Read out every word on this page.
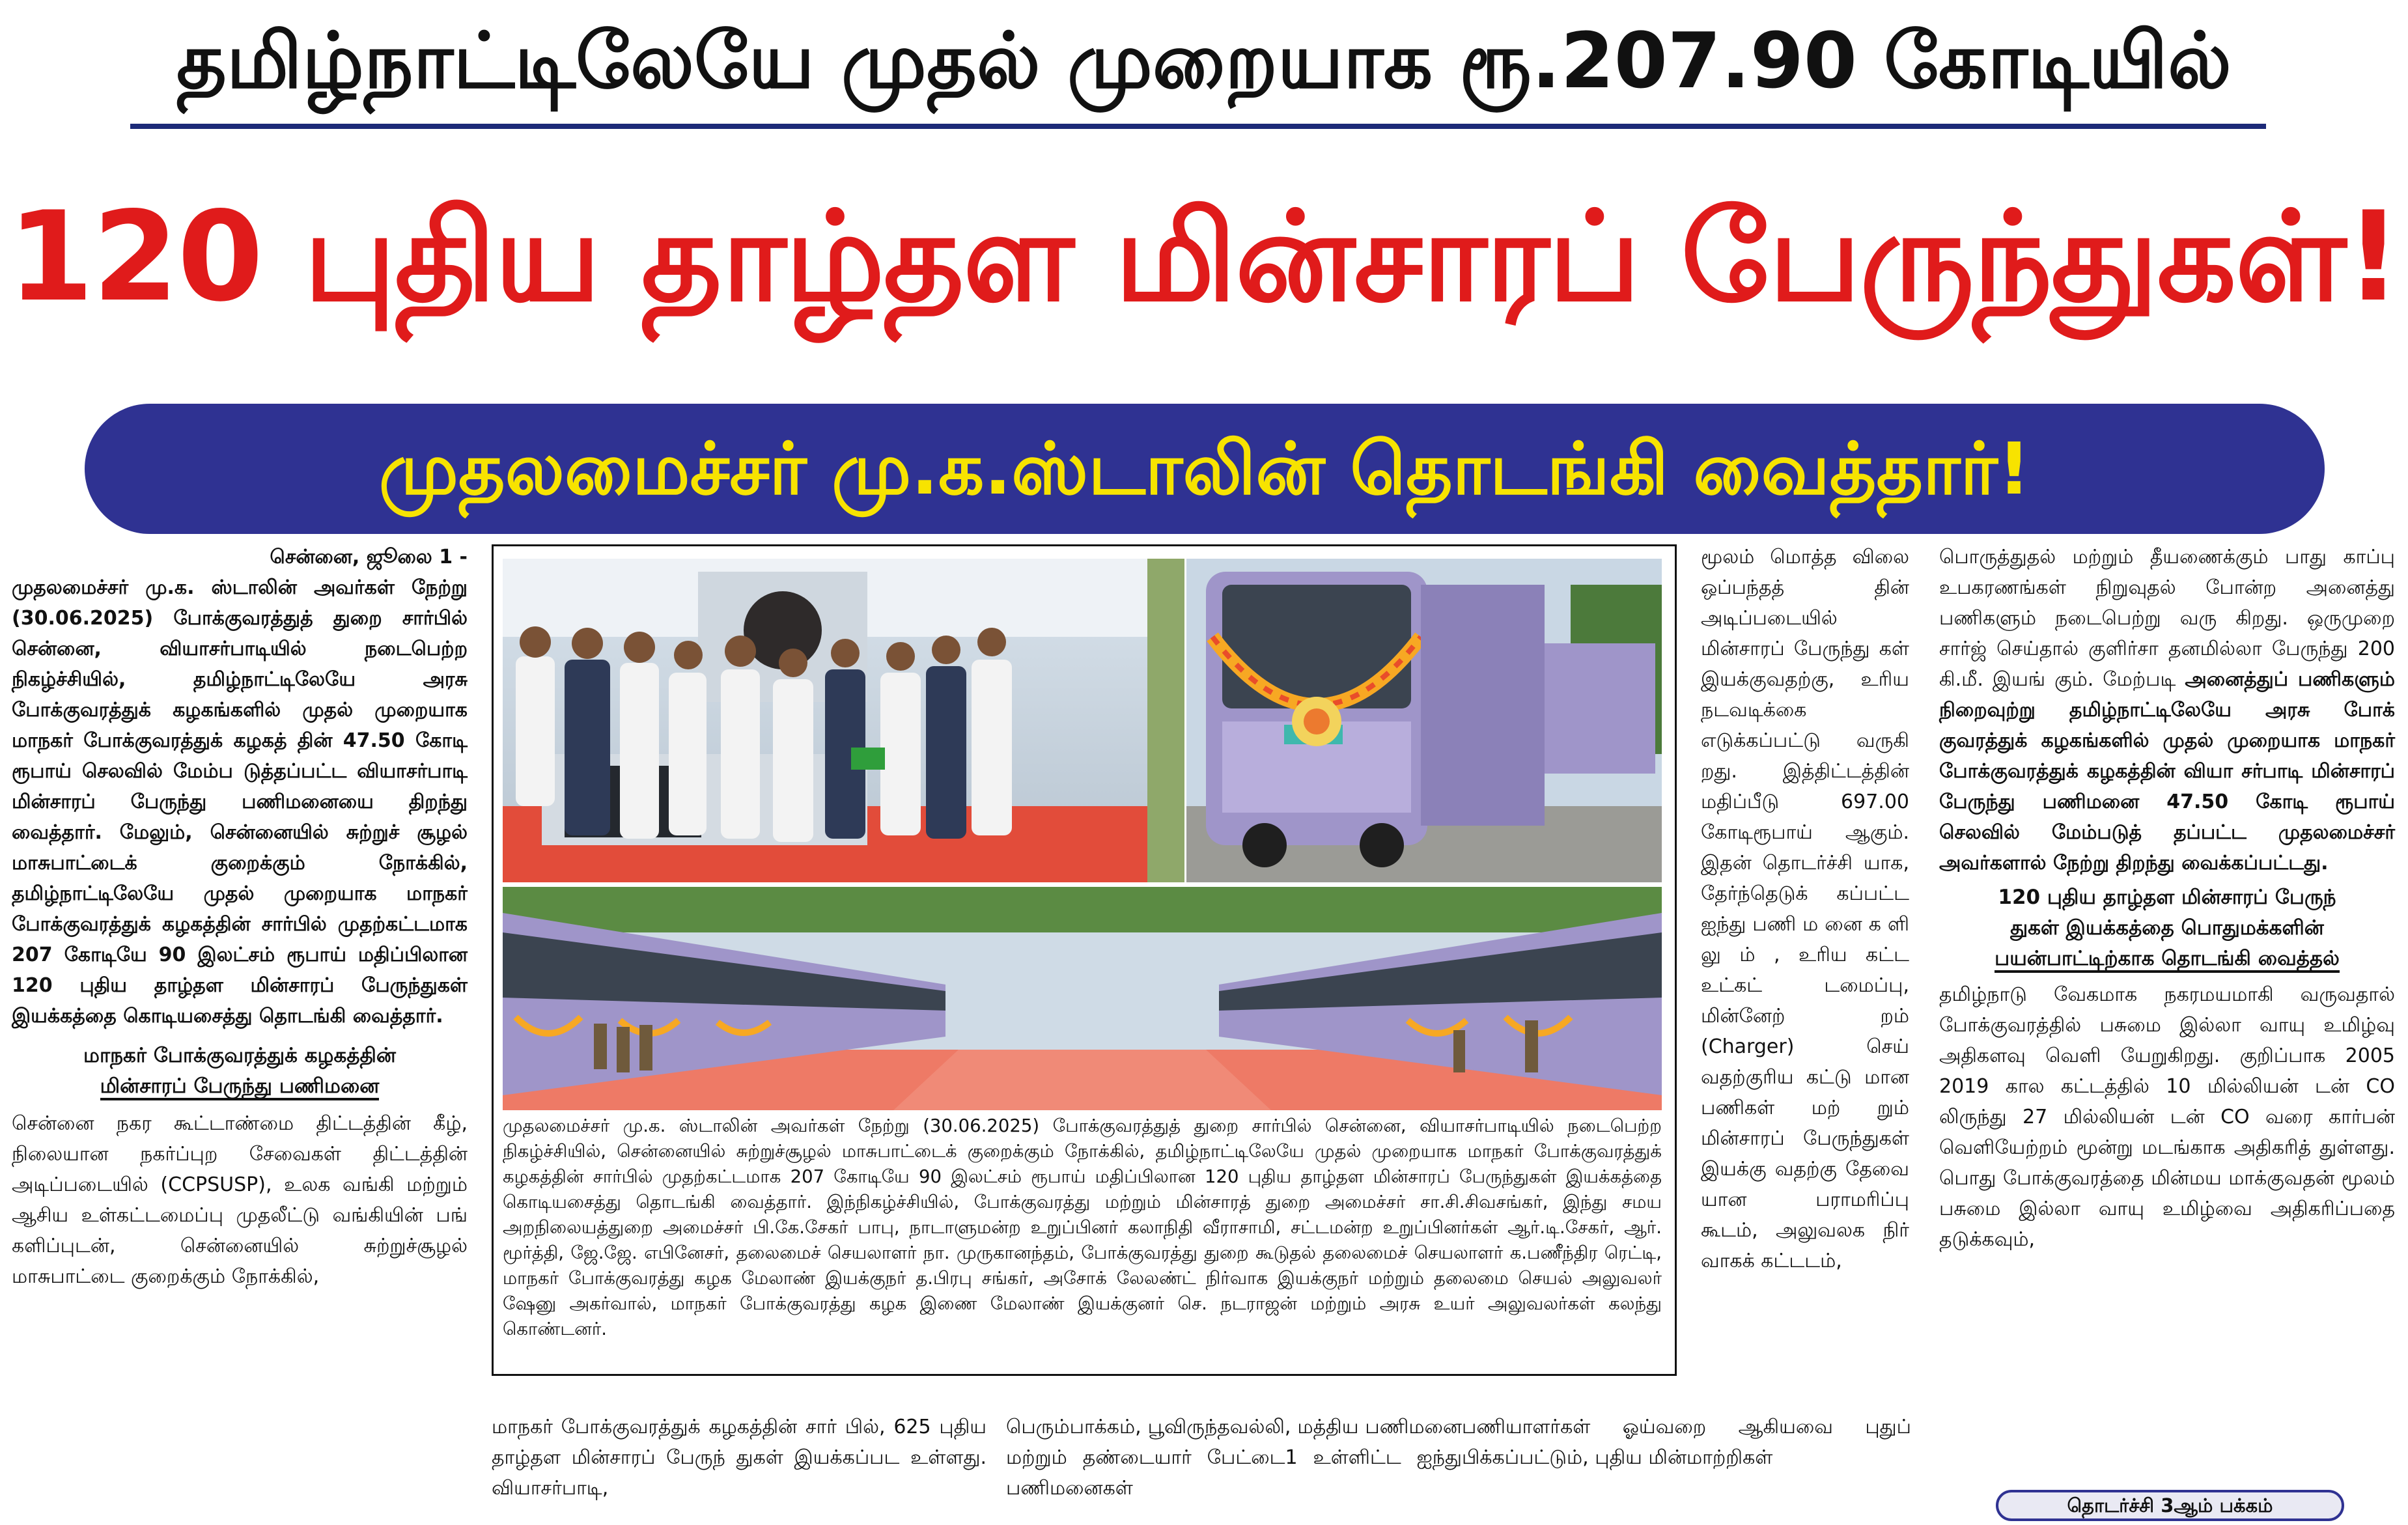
தமிழ்நாட்டிலேயே முதல் முறையாக ரூ.207.90 கோடியில்
120 புதிய தாழ்தள மின்சாரப் பேருந்துகள்!
முதலமைச்சர் மு.க.ஸ்டாலின் தொடங்கி வைத்தார்!

சென்னை, ஜூலை 1 -

முதலமைச்சர் மு.க. ஸ்டாலின் அவர்கள் நேற்று (30.06.2025) போக்குவரத்துத் துறை சார்பில் சென்னை, வியாசர்பாடியில் நடைபெற்ற நிகழ்ச்சியில், தமிழ்நாட்டிலேயே அரசு போக்குவரத்துக் கழகங்களில் முதல் முறையாக மாநகர் போக்குவரத்துக் கழகத் தின் 47.50 கோடி ரூபாய் செலவில் மேம்ப டுத்தப்பட்ட வியாசர்பாடி மின்சாரப் பேருந்து பணிமனையை திறந்து வைத்தார். மேலும், சென்னையில் சுற்றுச் சூழல் மாசுபாட்டைக் குறைக்கும் நோக்கில், தமிழ்நாட்டிலேயே முதல் முறையாக மாநகர் போக்குவரத்துக் கழகத்தின் சார்பில் முதற்கட்டமாக 207 கோடியே 90 இலட்சம் ரூபாய் மதிப்பிலான 120 புதிய தாழ்தள மின்சாரப் பேருந்துகள் இயக்கத்தை கொடியசைத்து தொடங்கி வைத்தார்.

மாநகர் போக்குவரத்துக் கழகத்தின்
மின்சாரப் பேருந்து பணிமனை

சென்னை நகர கூட்டாண்மை திட்டத்தின் கீழ், நிலையான நகர்ப்புற சேவைகள் திட்டத்தின் அடிப்படையில் (CCPSUSP), உலக வங்கி மற்றும் ஆசிய உள்கட்டமைப்பு முதலீட்டு வங்கியின் பங் களிப்புடன், சென்னையில் சுற்றுச்சூழல் மாசுபாட்டை குறைக்கும் நோக்கில்,

முதலமைச்சர் மு.க. ஸ்டாலின் அவர்கள் நேற்று (30.06.2025) போக்குவரத்துத் துறை சார்பில் சென்னை, வியாசர்பாடியில் நடைபெற்ற நிகழ்ச்சியில், சென்னையில் சுற்றுச்சூழல் மாசுபாட்டைக் குறைக்கும் நோக்கில், தமிழ்நாட்டிலேயே முதல் முறையாக மாநகர் போக்குவரத்துக் கழகத்தின் சார்பில் முதற்கட்டமாக 207 கோடியே 90 இலட்சம் ரூபாய் மதிப்பிலான 120 புதிய தாழ்தள மின்சாரப் பேருந்துகள் இயக்கத்தை கொடியசைத்து தொடங்கி வைத்தார். இந்நிகழ்ச்சியில், போக்குவரத்து மற்றும் மின்சாரத் துறை அமைச்சர் சா.சி.சிவசங்கர், இந்து சமய அறநிலையத்துறை அமைச்சர் பி.கே.சேகர் பாபு, நாடாளுமன்ற உறுப்பினர் கலாநிதி வீராசாமி, சட்டமன்ற உறுப்பினர்கள் ஆர்.டி.சேகர், ஆர். மூர்த்தி, ஜே.ஜே. எபினேசர், தலைமைச் செயலாளர் நா. முருகானந்தம், போக்குவரத்து துறை கூடுதல் தலைமைச் செயலாளர் க.பணீந்திர ரெட்டி, மாநகர் போக்குவரத்து கழக மேலாண் இயக்குநர் த.பிரபு சங்கர், அசோக் லேலண்ட் நிர்வாக இயக்குநர் மற்றும் தலைமை செயல் அலுவலர் ஷேனு அகர்வால், மாநகர் போக்குவரத்து கழக இணை மேலாண் இயக்குனர் செ. நடராஜன் மற்றும் அரசு உயர் அலுவலர்கள் கலந்து கொண்டனர்.
மாநகர் போக்குவரத்துக் கழகத்தின் சார் பில், 625 புதிய தாழ்தள மின்சாரப் பேருந் துகள் இயக்கப்பட உள்ளது. வியாசர்பாடி,
பெரும்பாக்கம், பூவிருந்தவல்லி, மத்திய பணிமனை மற்றும் தண்டையார் பேட்டை1 உள்ளிட்ட ஐந்து பணிமனைகள்
பணியாளர்கள் ஓய்வறை ஆகியவை புதுப் பிக்கப்பட்டும், புதிய மின்மாற்றிகள்

மூலம் மொத்த விலை ஒப்பந்தத் தின் அடிப்படையில் மின்சாரப் பேருந்து கள் இயக்குவதற்கு, உரிய நடவடிக்கை எடுக்கப்பட்டு வருகி றது. இத்திட்டத்தின் மதிப்பீடு 697.00 கோடிரூபாய் ஆகும். இதன் தொடர்ச்சி யாக, தேர்ந்தெடுக் கப்பட்ட ஐந்து பணி ம னை க ளி லு ம் , உரிய கட்ட உட்கட் டமைப்பு, மின்னேற் றம் (Charger) செய் வதற்குரிய கட்டு மான பணிகள் மற் றும் மின்சாரப் பேருந்துகள் இயக்கு வதற்கு தேவை யான பராமரிப்பு கூடம், அலுவலக நிர் வாகக் கட்டடம்,

பொருத்துதல் மற்றும் தீயணைக்கும் பாது காப்பு உபகரணங்கள் நிறுவுதல் போன்ற அனைத்து பணிகளும் நடைபெற்று வரு கிறது. ஒருமுறை சார்ஜ் செய்தால் குளிர்சா தனமில்லா பேருந்து 200 கி.மீ. இயங் கும். மேற்படி அனைத்துப் பணிகளும் நிறைவுற்று தமிழ்நாட்டிலேயே அரசு போக் குவரத்துக் கழகங்களில் முதல் முறையாக மாநகர் போக்குவரத்துக் கழகத்தின் வியா சர்பாடி மின்சாரப் பேருந்து பணிமனை 47.50 கோடி ரூபாய் செலவில் மேம்படுத் தப்பட்ட முதலமைச்சர் அவர்களால் நேற்று திறந்து வைக்கப்பட்டது.

120 புதிய தாழ்தள மின்சாரப் பேருந்
துகள் இயக்கத்தை பொதுமக்களின்
பயன்பாட்டிற்காக தொடங்கி வைத்தல்

தமிழ்நாடு வேகமாக நகரமயமாகி வருவதால் போக்குவரத்தில் பசுமை இல்லா வாயு உமிழ்வு அதிகளவு வெளி யேறுகிறது. குறிப்பாக 2005 2019 கால கட்டத்தில் 10 மில்லியன் டன் CO லிருந்து 27 மில்லியன் டன் CO வரை கார்பன் வெளியேற்றம் மூன்று மடங்காக அதிகரித் துள்ளது. பொது போக்குவரத்தை மின்மய மாக்குவதன் மூலம் பசுமை இல்லா வாயு உமிழ்வை அதிகரிப்பதை தடுக்கவும்,

தொடர்ச்சி 3ஆம் பக்கம்
